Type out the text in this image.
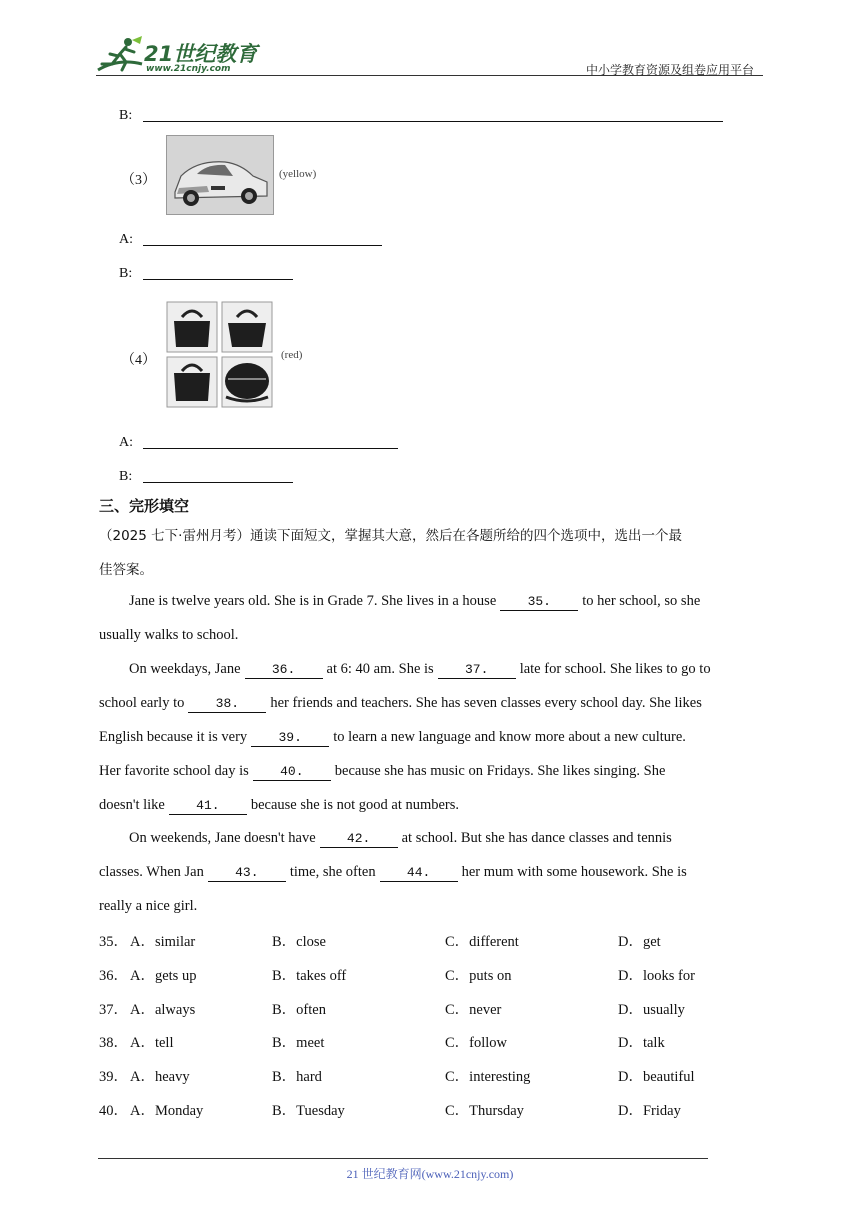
21世纪教育
www.21cnjy.com	中小学教育资源及组卷应用平台
B:
（3）	(yellow)
A:
B:
（4）	(red)
A:
B:
三、完形填空
（2025 七下·雷州月考）通读下面短文，掌握其大意，然后在各题所给的四个选项中，选出一个最
佳答案。
Jane is twelve years old. She is in Grade 7. She lives in a house 35. to her school, so she
usually walks to school.
On weekdays, Jane 36. at 6: 40 am. She is 37. late for school. She likes to go to
school early to 38. her friends and teachers. She has seven classes every school day. She likes
English because it is very 39. to learn a new language and know more about a new culture.
Her favorite school day is 40. because she has music on Fridays. She likes singing. She
doesn't like 41. because she is not good at numbers.
On weekends, Jane doesn't have 42. at school. But she has dance classes and tennis
classes. When Jan 43. time, she often 44. her mum with some housework. She is
really a nice girl.
35． A．similar	B．close	C．different	D．get
36． A．gets up	B．takes off	C．puts on	D．looks for
37． A．always	B．often	C．never	D．usually
38． A．tell	B．meet	C．follow	D．talk
39． A．heavy	B．hard	C．interesting	D．beautiful
40． A．Monday	B．Tuesday	C．Thursday	D．Friday
21 世纪教育网(www.21cnjy.com)
